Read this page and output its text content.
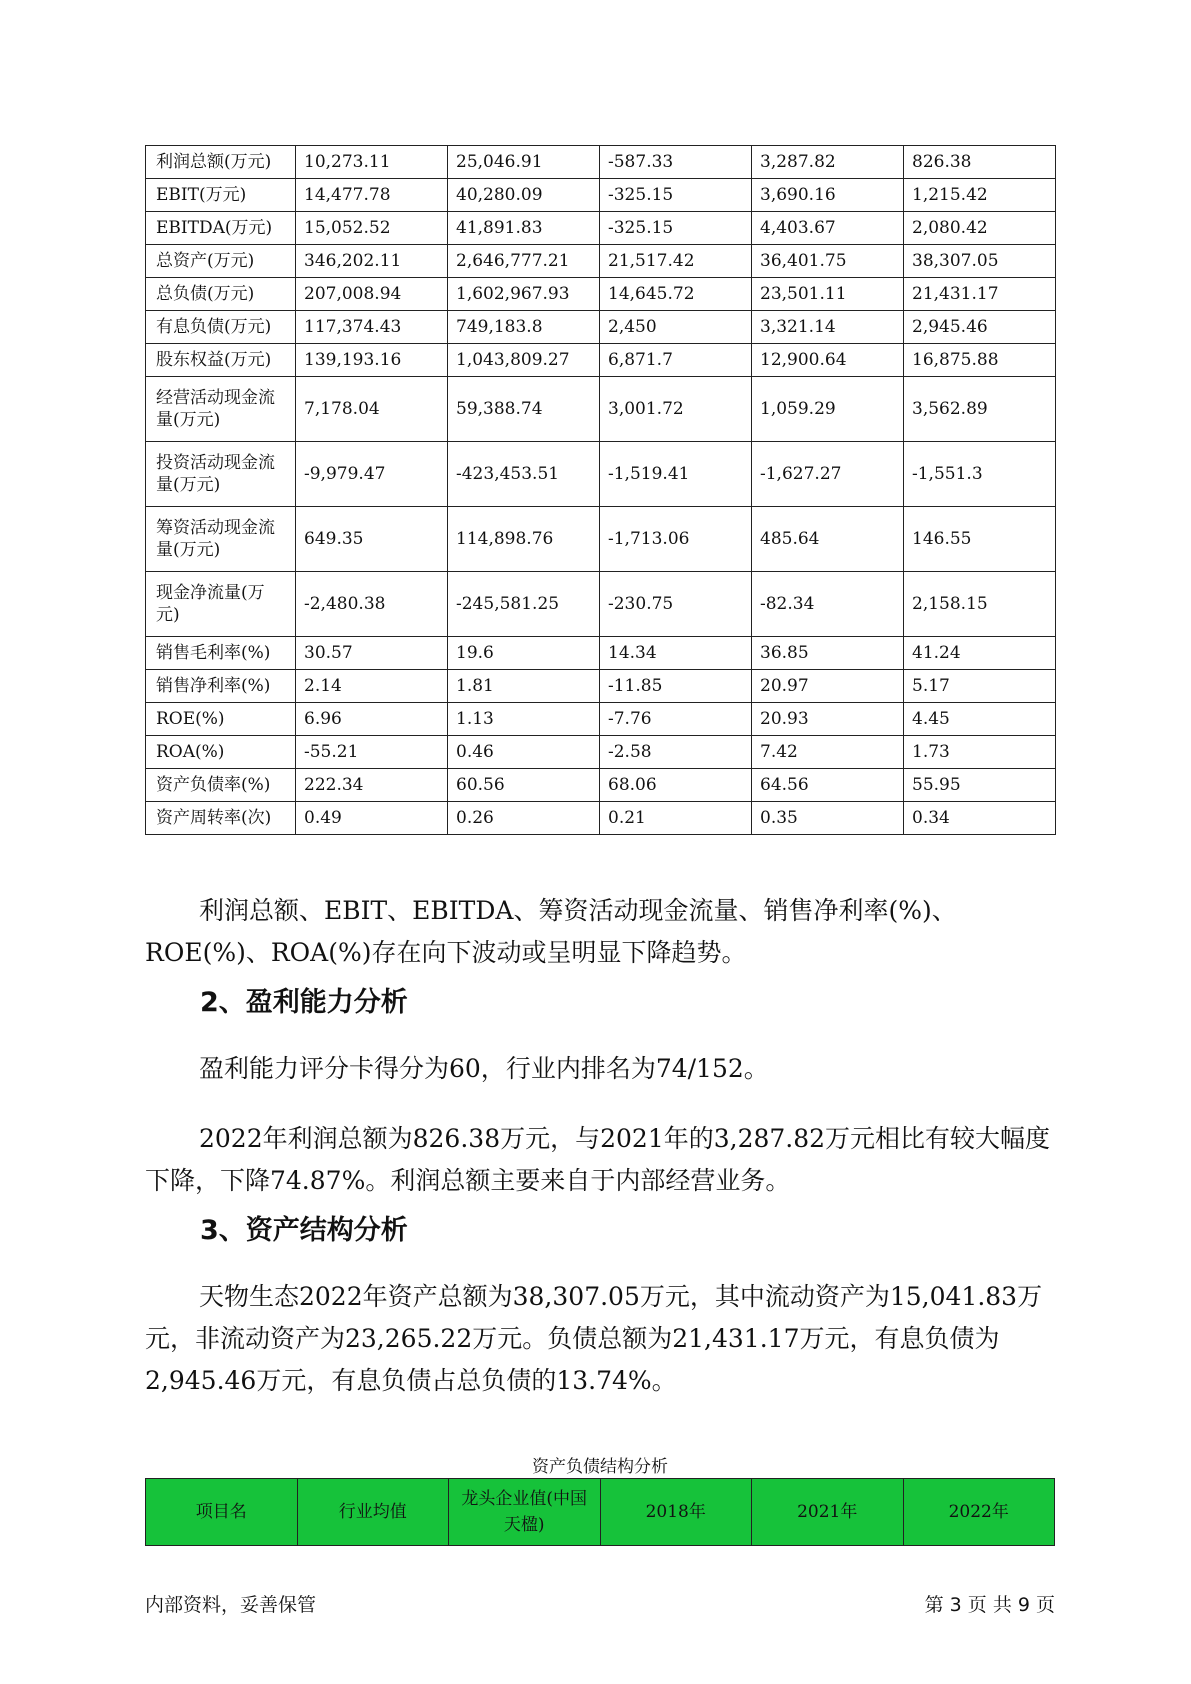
利润总额(万元)	10,273.11	25,046.91	-587.33	3,287.82	826.38
EBIT(万元)	14,477.78	40,280.09	-325.15	3,690.16	1,215.42
EBITDA(万元)	15,052.52	41,891.83	-325.15	4,403.67	2,080.42
总资产(万元)	346,202.11	2,646,777.21	21,517.42	36,401.75	38,307.05
总负债(万元)	207,008.94	1,602,967.93	14,645.72	23,501.11	21,431.17
有息负债(万元)	117,374.43	749,183.8	2,450	3,321.14	2,945.46
股东权益(万元)	139,193.16	1,043,809.27	6,871.7	12,900.64	16,875.88
经营活动现金流量(万元)	7,178.04	59,388.74	3,001.72	1,059.29	3,562.89
投资活动现金流量(万元)	-9,979.47	-423,453.51	-1,519.41	-1,627.27	-1,551.3
筹资活动现金流量(万元)	649.35	114,898.76	-1,713.06	485.64	146.55
现金净流量(万元)	-2,480.38	-245,581.25	-230.75	-82.34	2,158.15
销售毛利率(%)	30.57	19.6	14.34	36.85	41.24
销售净利率(%)	2.14	1.81	-11.85	20.97	5.17
ROE(%)	6.96	1.13	-7.76	20.93	4.45
ROA(%)	-55.21	0.46	-2.58	7.42	1.73
资产负债率(%)	222.34	60.56	68.06	64.56	55.95
资产周转率(次)	0.49	0.26	0.21	0.35	0.34

利润总额、EBIT、EBITDA、筹资活动现金流量、销售净利率(%)、ROE(%)、ROA(%)存在向下波动或呈明显下降趋势。

2、盈利能力分析

盈利能力评分卡得分为60，行业内排名为74/152。

2022年利润总额为826.38万元，与2021年的3,287.82万元相比有较大幅度下降，下降74.87%。利润总额主要来自于内部经营业务。

3、资产结构分析

天物生态2022年资产总额为38,307.05万元，其中流动资产为15,041.83万元，非流动资产为23,265.22万元。负债总额为21,431.17万元，有息负债为2,945.46万元，有息负债占总负债的13.74%。

资产负债结构分析
项目名	行业均值	龙头企业值(中国天楹)	2018年	2021年	2022年
内部资料，妥善保管	第 3 页 共 9 页
